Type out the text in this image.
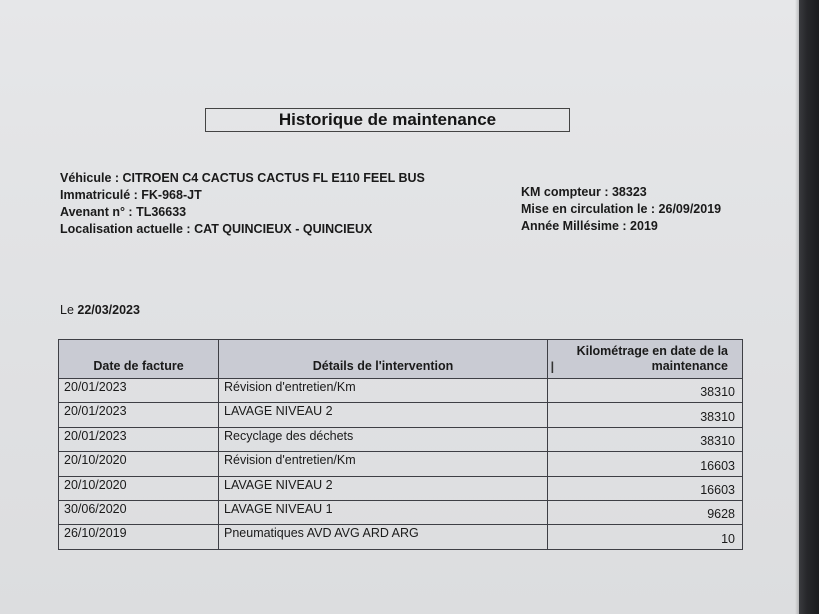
Historique de maintenance
Véhicule : CITROEN C4 CACTUS CACTUS FL E110 FEEL BUS
Immatriculé : FK-968-JT
Avenant n° : TL36633
Localisation actuelle : CAT QUINCIEUX - QUINCIEUX
KM compteur : 38323
Mise en circulation le : 26/09/2019
Année Millésime : 2019
Le 22/03/2023
Date de facture	Détails de l'intervention	Kilométrage en date de la
maintenance

20/01/2023	Révision d'entretien/Km	38310
20/01/2023	LAVAGE NIVEAU 2	38310
20/01/2023	Recyclage des déchets	38310
20/10/2020	Révision d'entretien/Km	16603
20/10/2020	LAVAGE NIVEAU 2	16603
30/06/2020	LAVAGE NIVEAU 1	9628
26/10/2019	Pneumatiques AVD AVG ARD ARG	10
I
